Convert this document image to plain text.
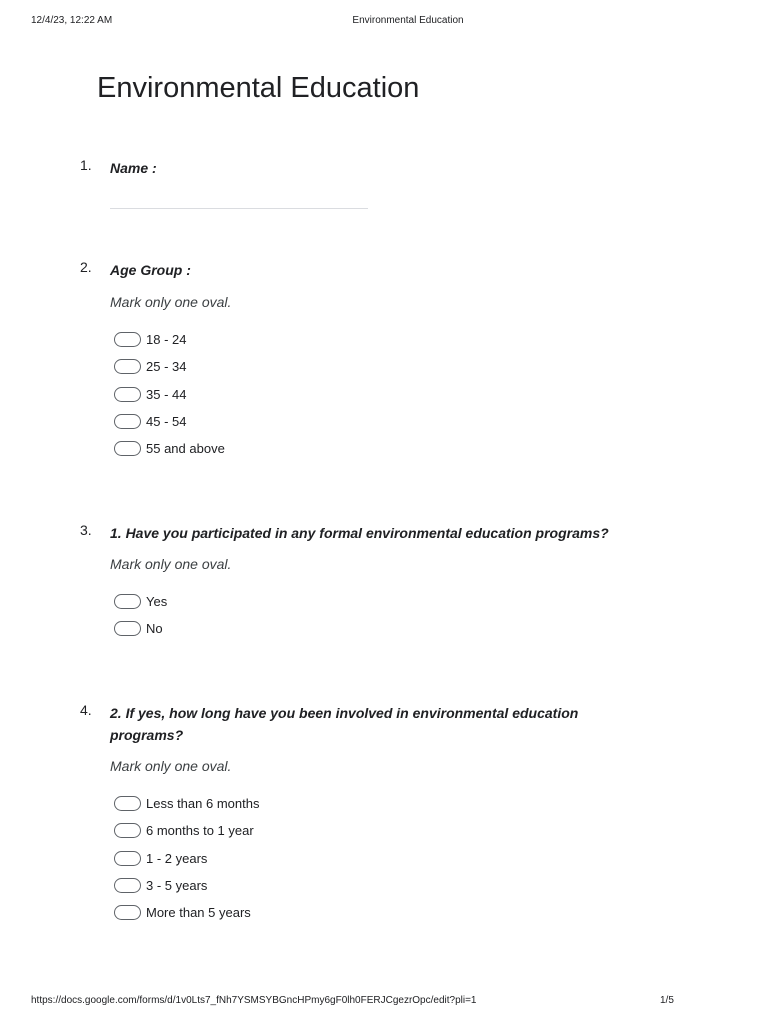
12/4/23, 12:22 AM	Environmental Education
Environmental Education
1. Name :
2. Age Group :
Mark only one oval.
18 - 24
25 - 34
35 - 44
45 - 54
55 and above
3. 1. Have you participated in any formal environmental education programs?
Mark only one oval.
Yes
No
4. 2. If yes, how long have you been involved in environmental education programs?
Mark only one oval.
Less than 6 months
6 months to 1 year
1 - 2 years
3 - 5 years
More than 5 years
https://docs.google.com/forms/d/1v0Lts7_fNh7YSMSYBGncHPmy6gF0lh0FERJCgezrOpc/edit?pli=1	1/5
